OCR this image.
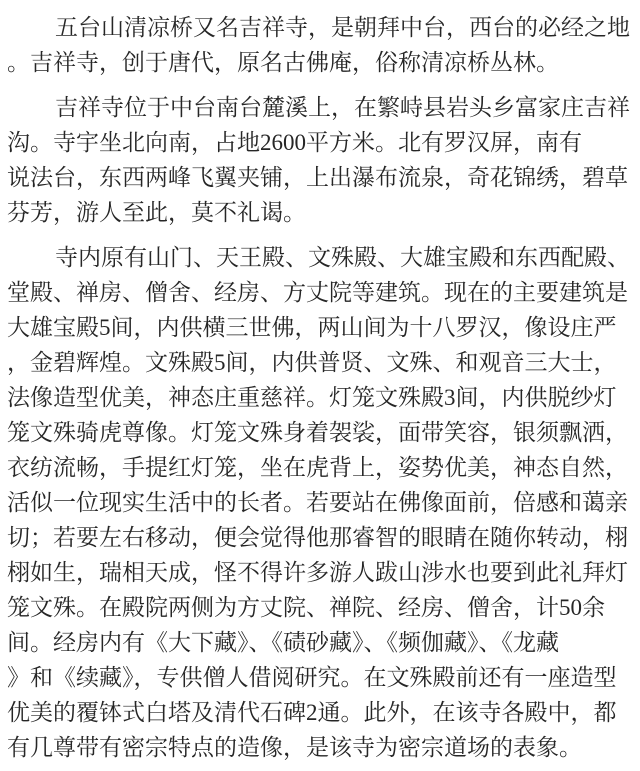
五台山清凉桥又名吉祥寺，是朝拜中台，西台的必经之地
。吉祥寺，创于唐代，原名古佛庵，俗称清凉桥丛林。

吉祥寺位于中台南台麓溪上，在繁峙县岩头乡富家庄吉祥
沟。寺宇坐北向南，占地2600平方米。北有罗汉屏，南有
说法台，东西两峰飞翼夹铺，上出瀑布流泉，奇花锦绣，碧草
芬芳，游人至此，莫不礼谒。

寺内原有山门、天王殿、文殊殿、大雄宝殿和东西配殿、
堂殿、禅房、僧舍、经房、方丈院等建筑。现在的主要建筑是
大雄宝殿5间，内供横三世佛，两山间为十八罗汉，像设庄严
，金碧辉煌。文殊殿5间，内供普贤、文殊、和观音三大士，
法像造型优美，神态庄重慈祥。灯笼文殊殿3间，内供脱纱灯
笼文殊骑虎尊像。灯笼文殊身着袈裟，面带笑容，银须飘洒，
衣纺流畅，手提红灯笼，坐在虎背上，姿势优美，神态自然，
活似一位现实生活中的长者。若要站在佛像面前，倍感和蔼亲
切；若要左右移动，便会觉得他那睿智的眼睛在随你转动，栩
栩如生，瑞相天成，怪不得许多游人跋山涉水也要到此礼拜灯
笼文殊。在殿院两侧为方丈院、禅院、经房、僧舍，计50余
间。经房内有《大下藏》、《碛砂藏》、《频伽藏》、《龙藏
》和《续藏》，专供僧人借阅研究。在文殊殿前还有一座造型
优美的覆钵式白塔及清代石碑2通。此外，在该寺各殿中，都
有几尊带有密宗特点的造像，是该寺为密宗道场的表象。
